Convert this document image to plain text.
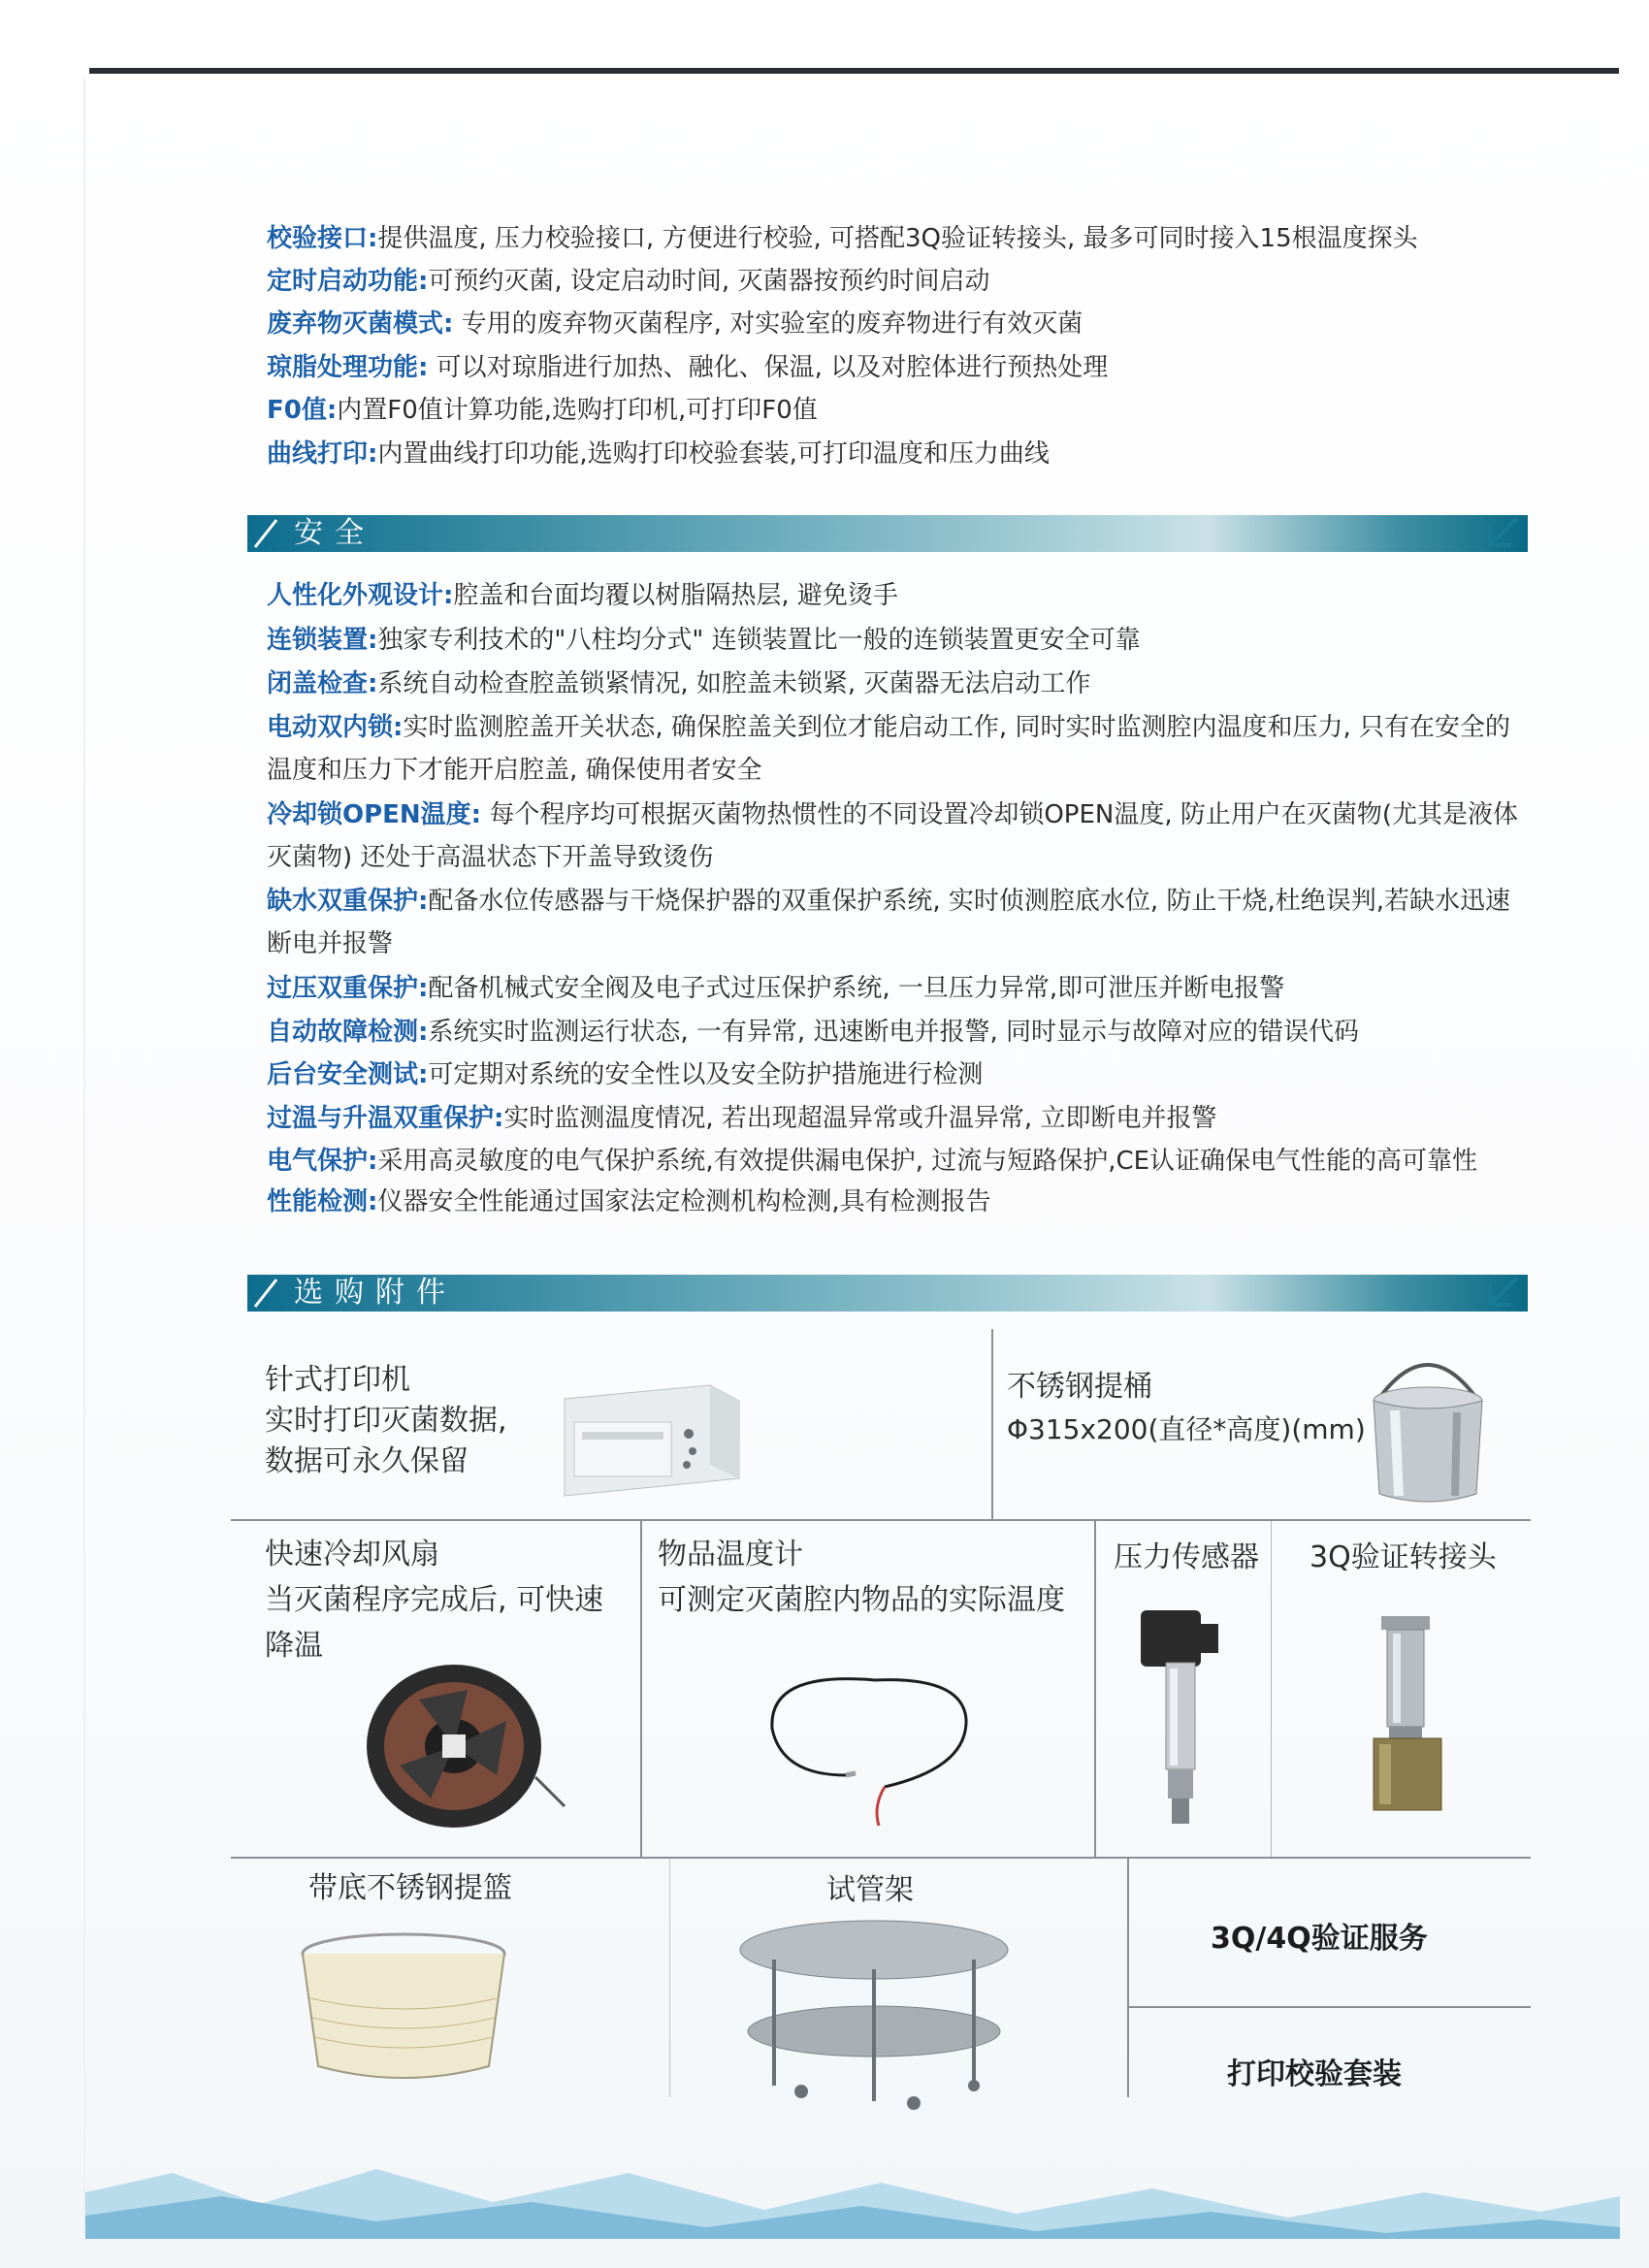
校验接口:提供温度, 压力校验接口, 方便进行校验, 可搭配3Q验证转接头, 最多可同时接入15根温度探头
定时启动功能:可预约灭菌, 设定启动时间, 灭菌器按预约时间启动
废弃物灭菌模式: 专用的废弃物灭菌程序, 对实验室的废弃物进行有效灭菌
琼脂处理功能: 可以对琼脂进行加热、融化、保温, 以及对腔体进行预热处理
F0值:内置F0值计算功能,选购打印机,可打印F0值
曲线打印:内置曲线打印功能,选购打印校验套装,可打印温度和压力曲线
安全
人性化外观设计:腔盖和台面均覆以树脂隔热层, 避免烫手
连锁装置:独家专利技术的"八柱均分式" 连锁装置比一般的连锁装置更安全可靠
闭盖检查:系统自动检查腔盖锁紧情况, 如腔盖未锁紧, 灭菌器无法启动工作
电动双内锁:实时监测腔盖开关状态, 确保腔盖关到位才能启动工作, 同时实时监测腔内温度和压力, 只有在安全的温度和压力下才能开启腔盖, 确保使用者安全
冷却锁OPEN温度: 每个程序均可根据灭菌物热惯性的不同设置冷却锁OPEN温度, 防止用户在灭菌物(尤其是液体灭菌物) 还处于高温状态下开盖导致烫伤
缺水双重保护:配备水位传感器与干烧保护器的双重保护系统, 实时侦测腔底水位, 防止干烧,杜绝误判,若缺水迅速断电并报警
过压双重保护:配备机械式安全阀及电子式过压保护系统, 一旦压力异常,即可泄压并断电报警
自动故障检测:系统实时监测运行状态, 一有异常, 迅速断电并报警, 同时显示与故障对应的错误代码
后台安全测试:可定期对系统的安全性以及安全防护措施进行检测
过温与升温双重保护:实时监测温度情况, 若出现超温异常或升温异常, 立即断电并报警
电气保护:采用高灵敏度的电气保护系统,有效提供漏电保护, 过流与短路保护,CE认证确保电气性能的高可靠性
性能检测:仪器安全性能通过国家法定检测机构检测,具有检测报告
选购附件
针式打印机
实时打印灭菌数据,
数据可永久保留
不锈钢提桶
Φ315x200(直径*高度)(mm)
快速冷却风扇
当灭菌程序完成后, 可快速
降温
物品温度计
可测定灭菌腔内物品的实际温度
压力传感器 3Q验证转接头
带底不锈钢提篮	试管架
3Q/4Q验证服务
打印校验套装
